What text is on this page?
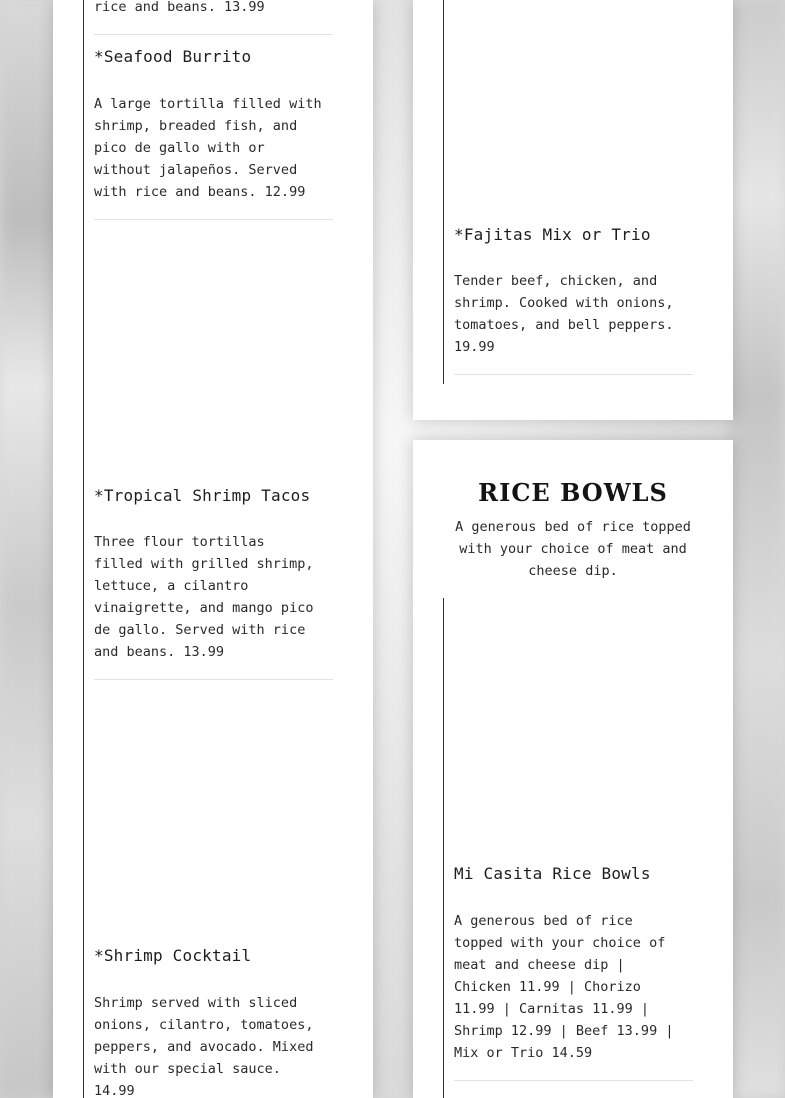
rice and beans. 13.99
*Seafood Burrito
A large tortilla filled with
shrimp, breaded fish, and
pico de gallo with or
without jalapeños. Served
with rice and beans. 12.99
*Tropical Shrimp Tacos
Three flour tortillas
filled with grilled shrimp,
lettuce, a cilantro
vinaigrette, and mango pico
de gallo. Served with rice
and beans. 13.99
*Shrimp Cocktail
Shrimp served with sliced
onions, cilantro, tomatoes,
peppers, and avocado. Mixed
with our special sauce.
14.99
*Fajitas Mix or Trio
Tender beef, chicken, and
shrimp. Cooked with onions,
tomatoes, and bell peppers.
19.99
RICE BOWLS
A generous bed of rice topped
with your choice of meat and
cheese dip.
Mi Casita Rice Bowls
A generous bed of rice
topped with your choice of
meat and cheese dip |
Chicken 11.99 | Chorizo
11.99 | Carnitas 11.99 |
Shrimp 12.99 | Beef 13.99 |
Mix or Trio 14.59
